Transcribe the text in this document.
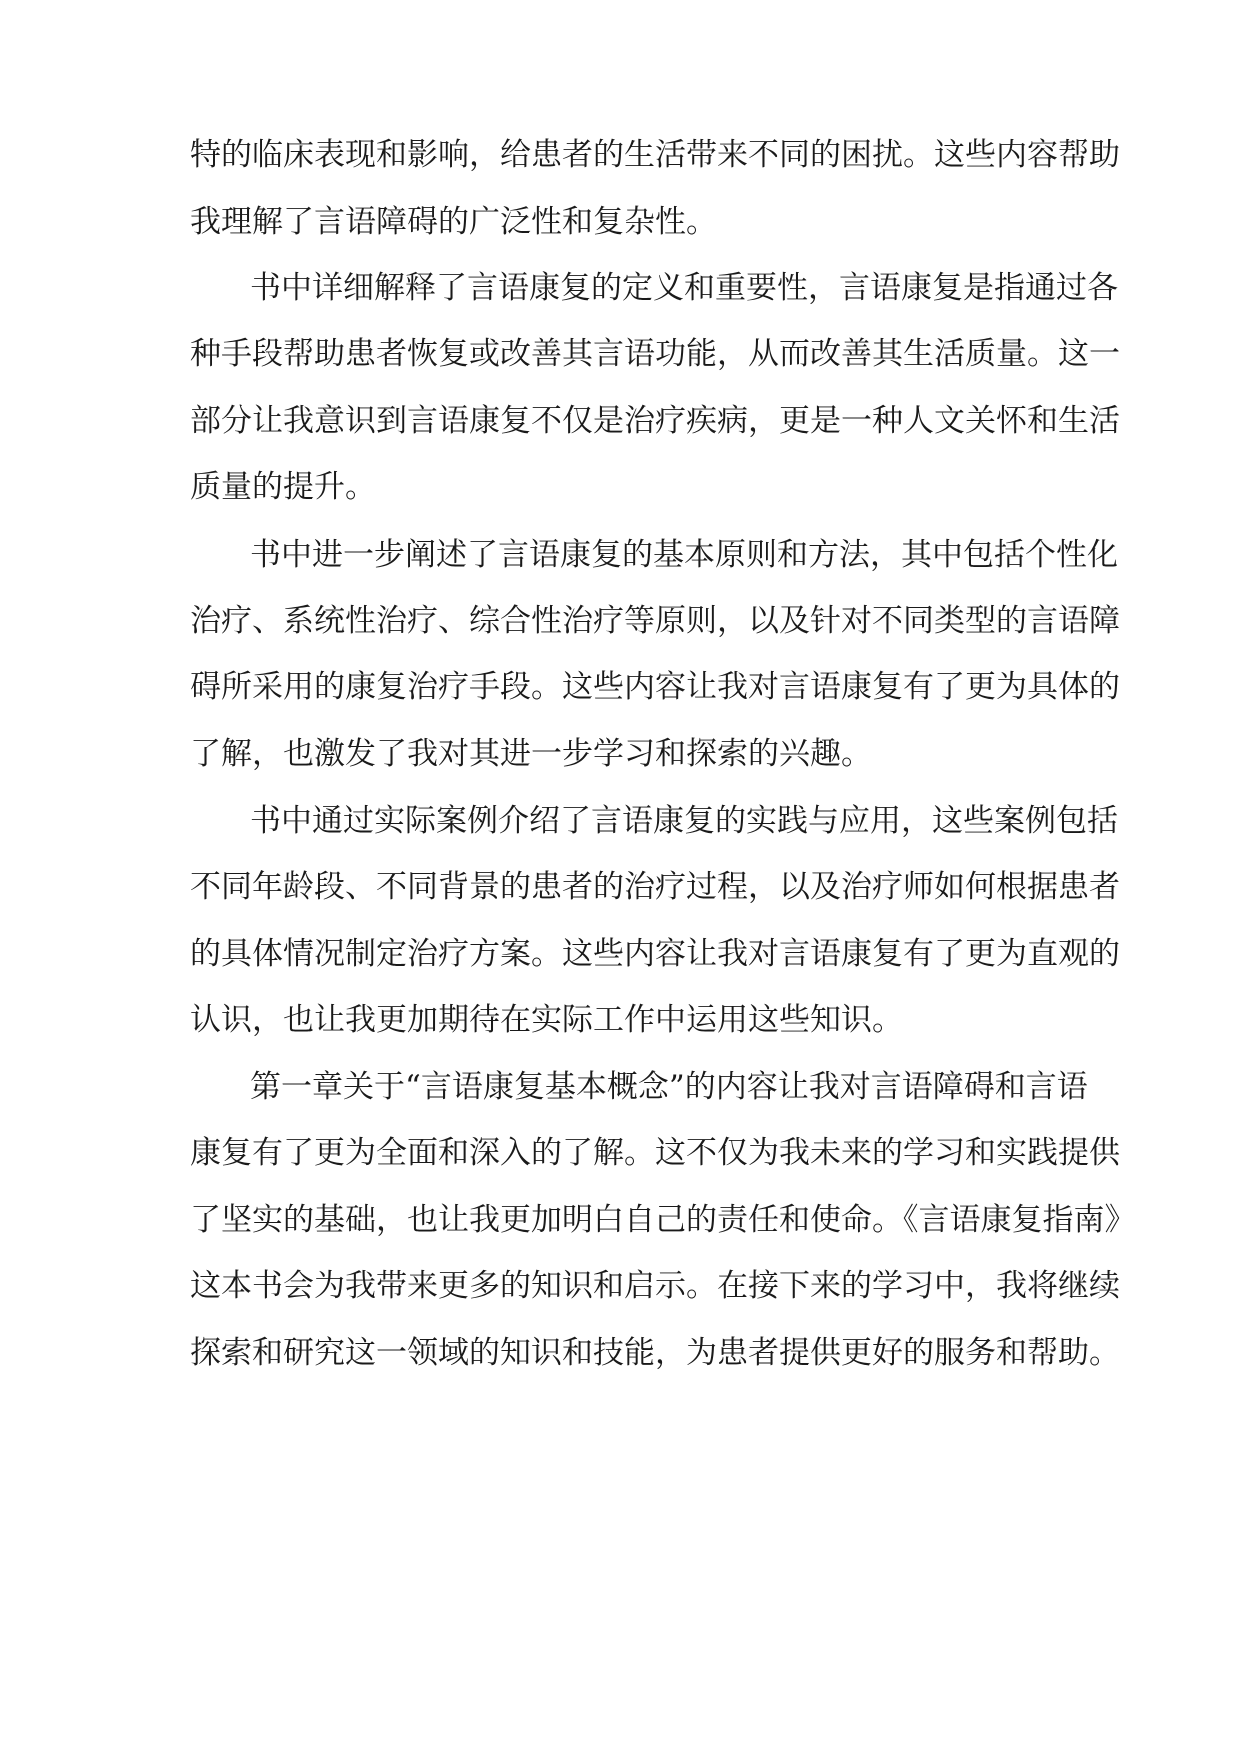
特的临床表现和影响，给患者的生活带来不同的困扰。这些内容帮助
我理解了言语障碍的广泛性和复杂性。
书中详细解释了言语康复的定义和重要性，言语康复是指通过各
种手段帮助患者恢复或改善其言语功能，从而改善其生活质量。这一
部分让我意识到言语康复不仅是治疗疾病，更是一种人文关怀和生活
质量的提升。
书中进一步阐述了言语康复的基本原则和方法，其中包括个性化
治疗、系统性治疗、综合性治疗等原则，以及针对不同类型的言语障
碍所采用的康复治疗手段。这些内容让我对言语康复有了更为具体的
了解，也激发了我对其进一步学习和探索的兴趣。
书中通过实际案例介绍了言语康复的实践与应用，这些案例包括
不同年龄段、不同背景的患者的治疗过程，以及治疗师如何根据患者
的具体情况制定治疗方案。这些内容让我对言语康复有了更为直观的
认识，也让我更加期待在实际工作中运用这些知识。
第一章关于“言语康复基本概念”的内容让我对言语障碍和言语
康复有了更为全面和深入的了解。这不仅为我未来的学习和实践提供
了坚实的基础，也让我更加明白自己的责任和使命。《言语康复指南》
这本书会为我带来更多的知识和启示。在接下来的学习中，我将继续
探索和研究这一领域的知识和技能，为患者提供更好的服务和帮助。
